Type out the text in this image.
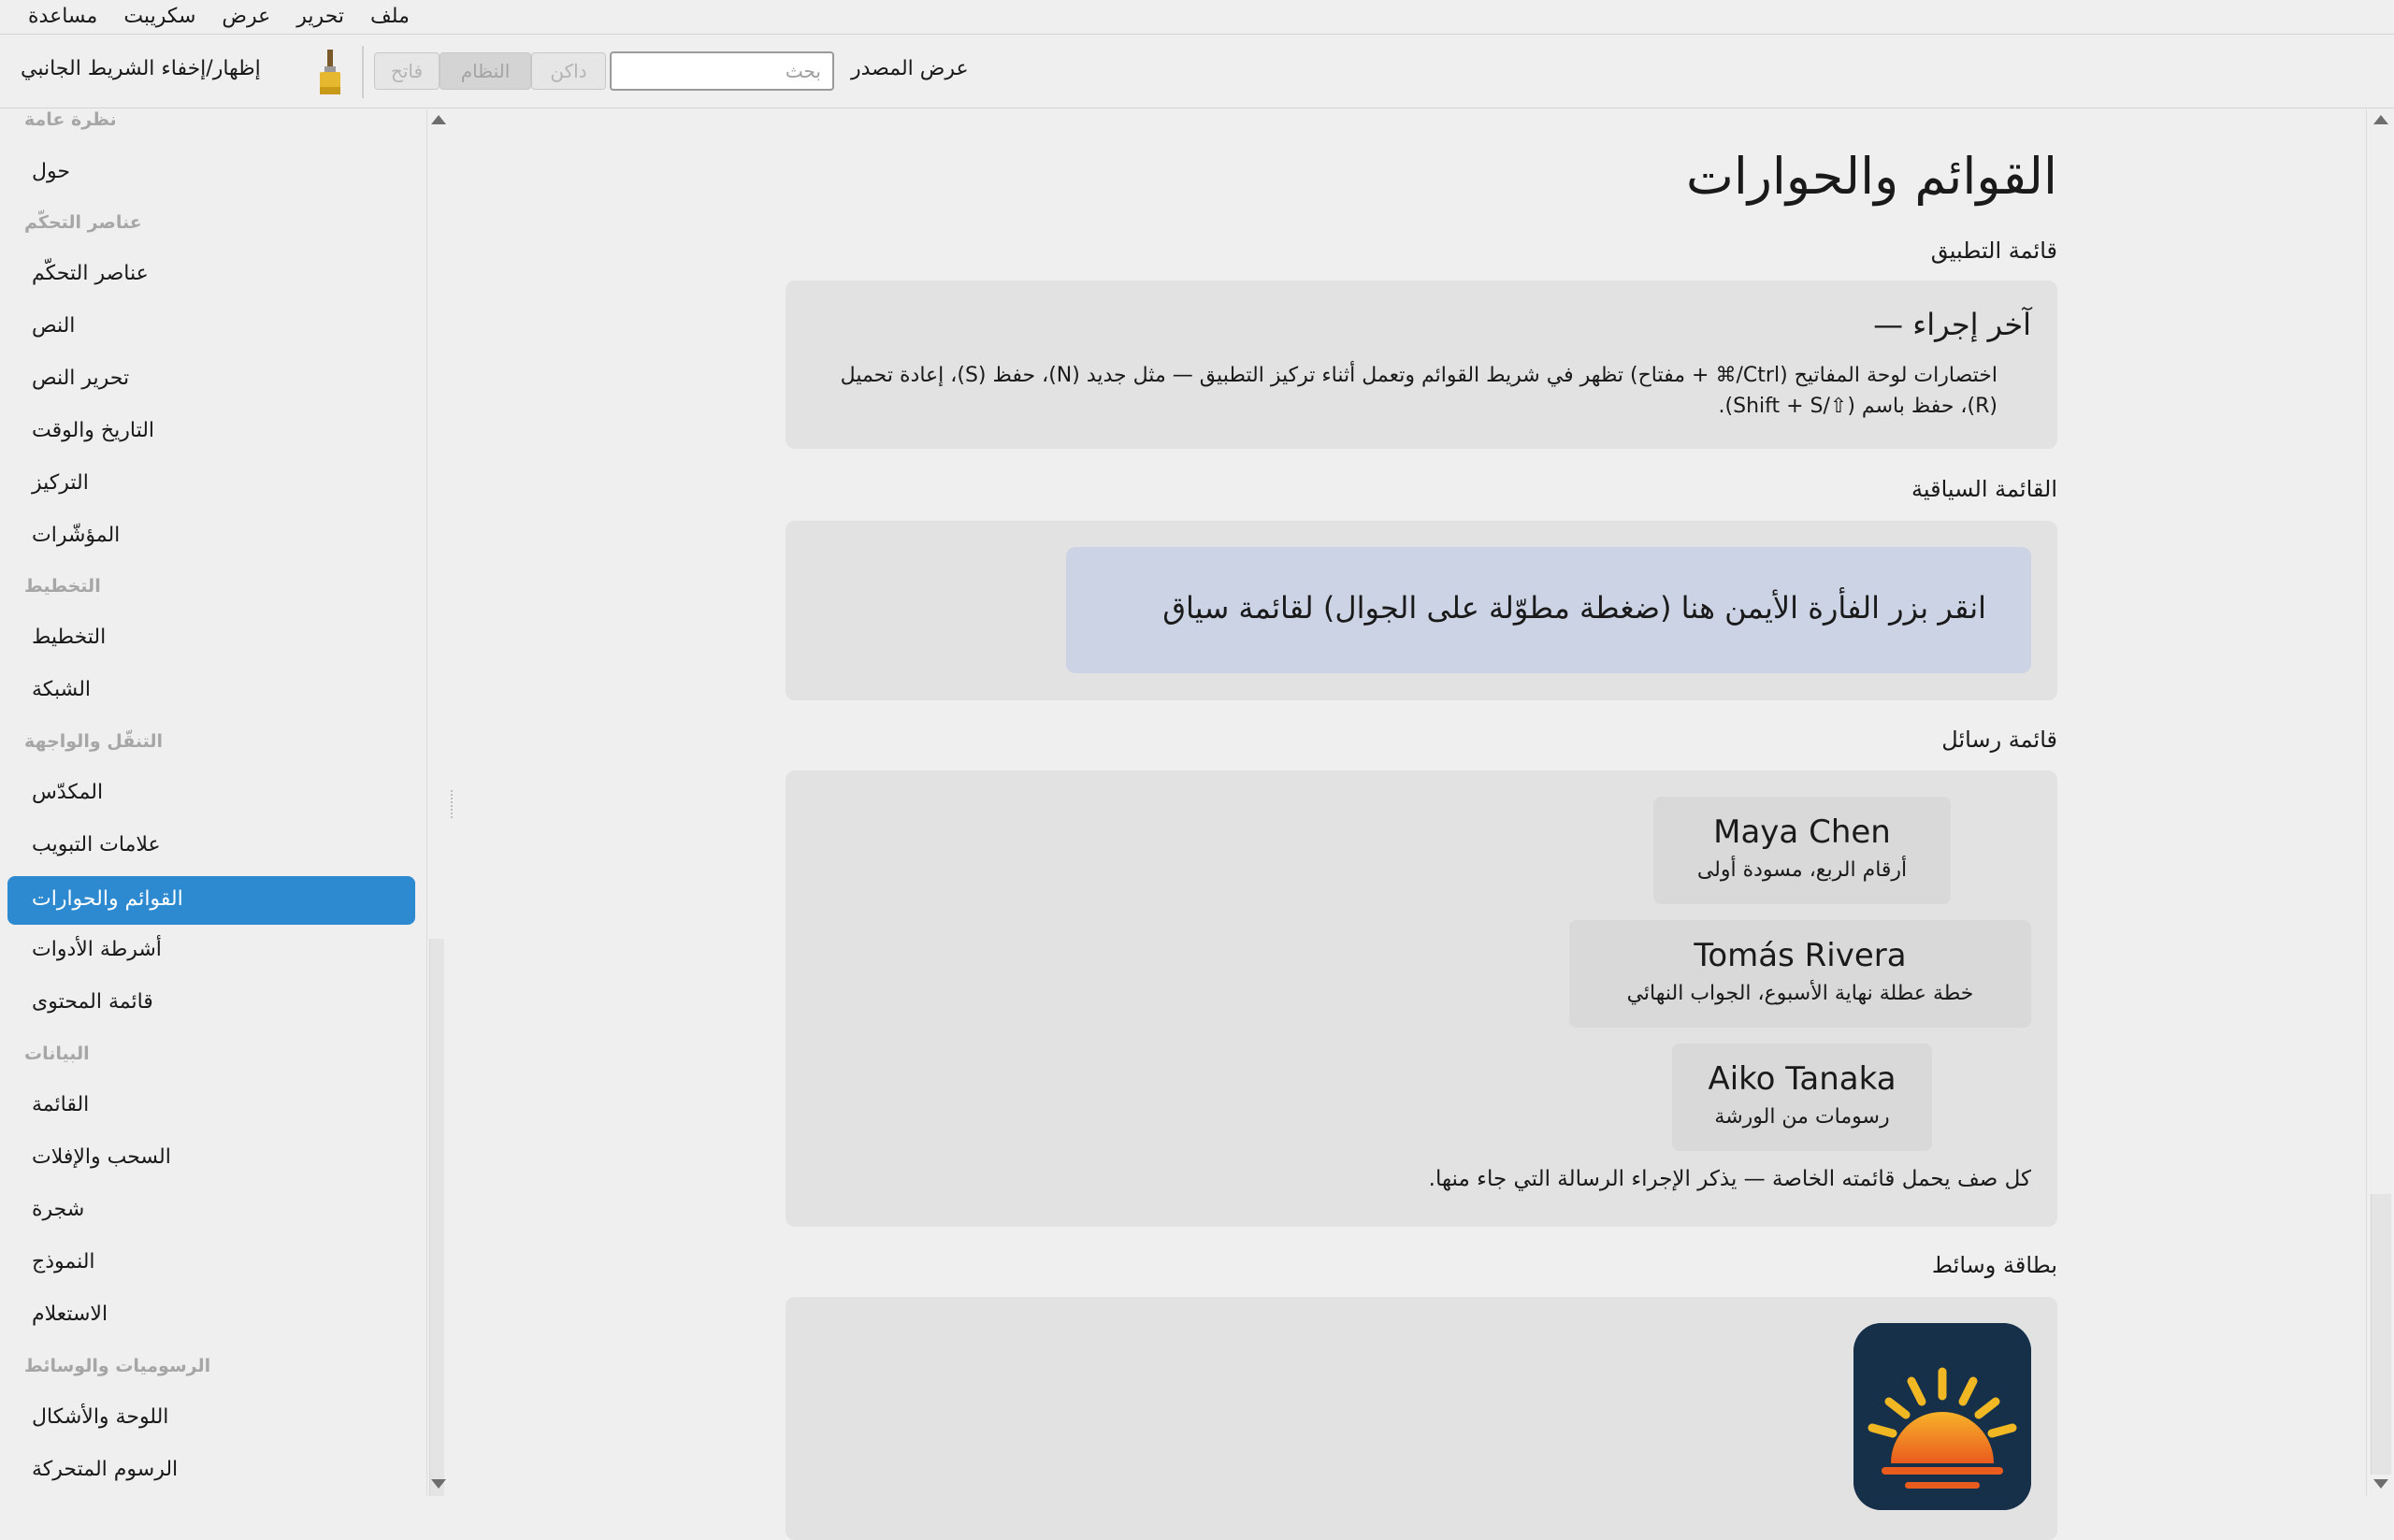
ملف
تحرير
عرض
سكريبت
مساعدة
إظهار/إخفاء الشريط الجانبي	فاتح	النظام	داكن
بحث	عرض المصدر
نظرة عامة
حول
عناصر التحكّم
عناصر التحكّم
النص
تحرير النص
التاريخ والوقت
التركيز
المؤشّرات
التخطيط
التخطيط
الشبكة
التنقّل والواجهة
المكدّس
علامات التبويب
القوائم والحوارات
أشرطة الأدوات
قائمة المحتوى
البيانات
القائمة
السحب والإفلات
شجرة
النموذج
الاستعلام
الرسوميات والوسائط
اللوحة والأشكال
الرسوم المتحركة
القوائم والحوارات
قائمة التطبيق
آخر إجراء —
اختصارات لوحة المفاتيح (Ctrl/⌘ + مفتاح) تظهر في شريط القوائم وتعمل أثناء تركيز التطبيق — مثل جديد (N)، حفظ (S)، إعادة تحميل (R)، حفظ باسم (⇧/Shift + S).
القائمة السياقية
انقر بزر الفأرة الأيمن هنا (ضغطة مطوّلة على الجوال) لقائمة سياق
قائمة رسائل
Maya Chen
أرقام الربع، مسودة أولى
Tomás Rivera
خطة عطلة نهاية الأسبوع، الجواب النهائي
Aiko Tanaka
رسومات من الورشة
كل صف يحمل قائمته الخاصة — يذكر الإجراء الرسالة التي جاء منها.
بطاقة وسائط
